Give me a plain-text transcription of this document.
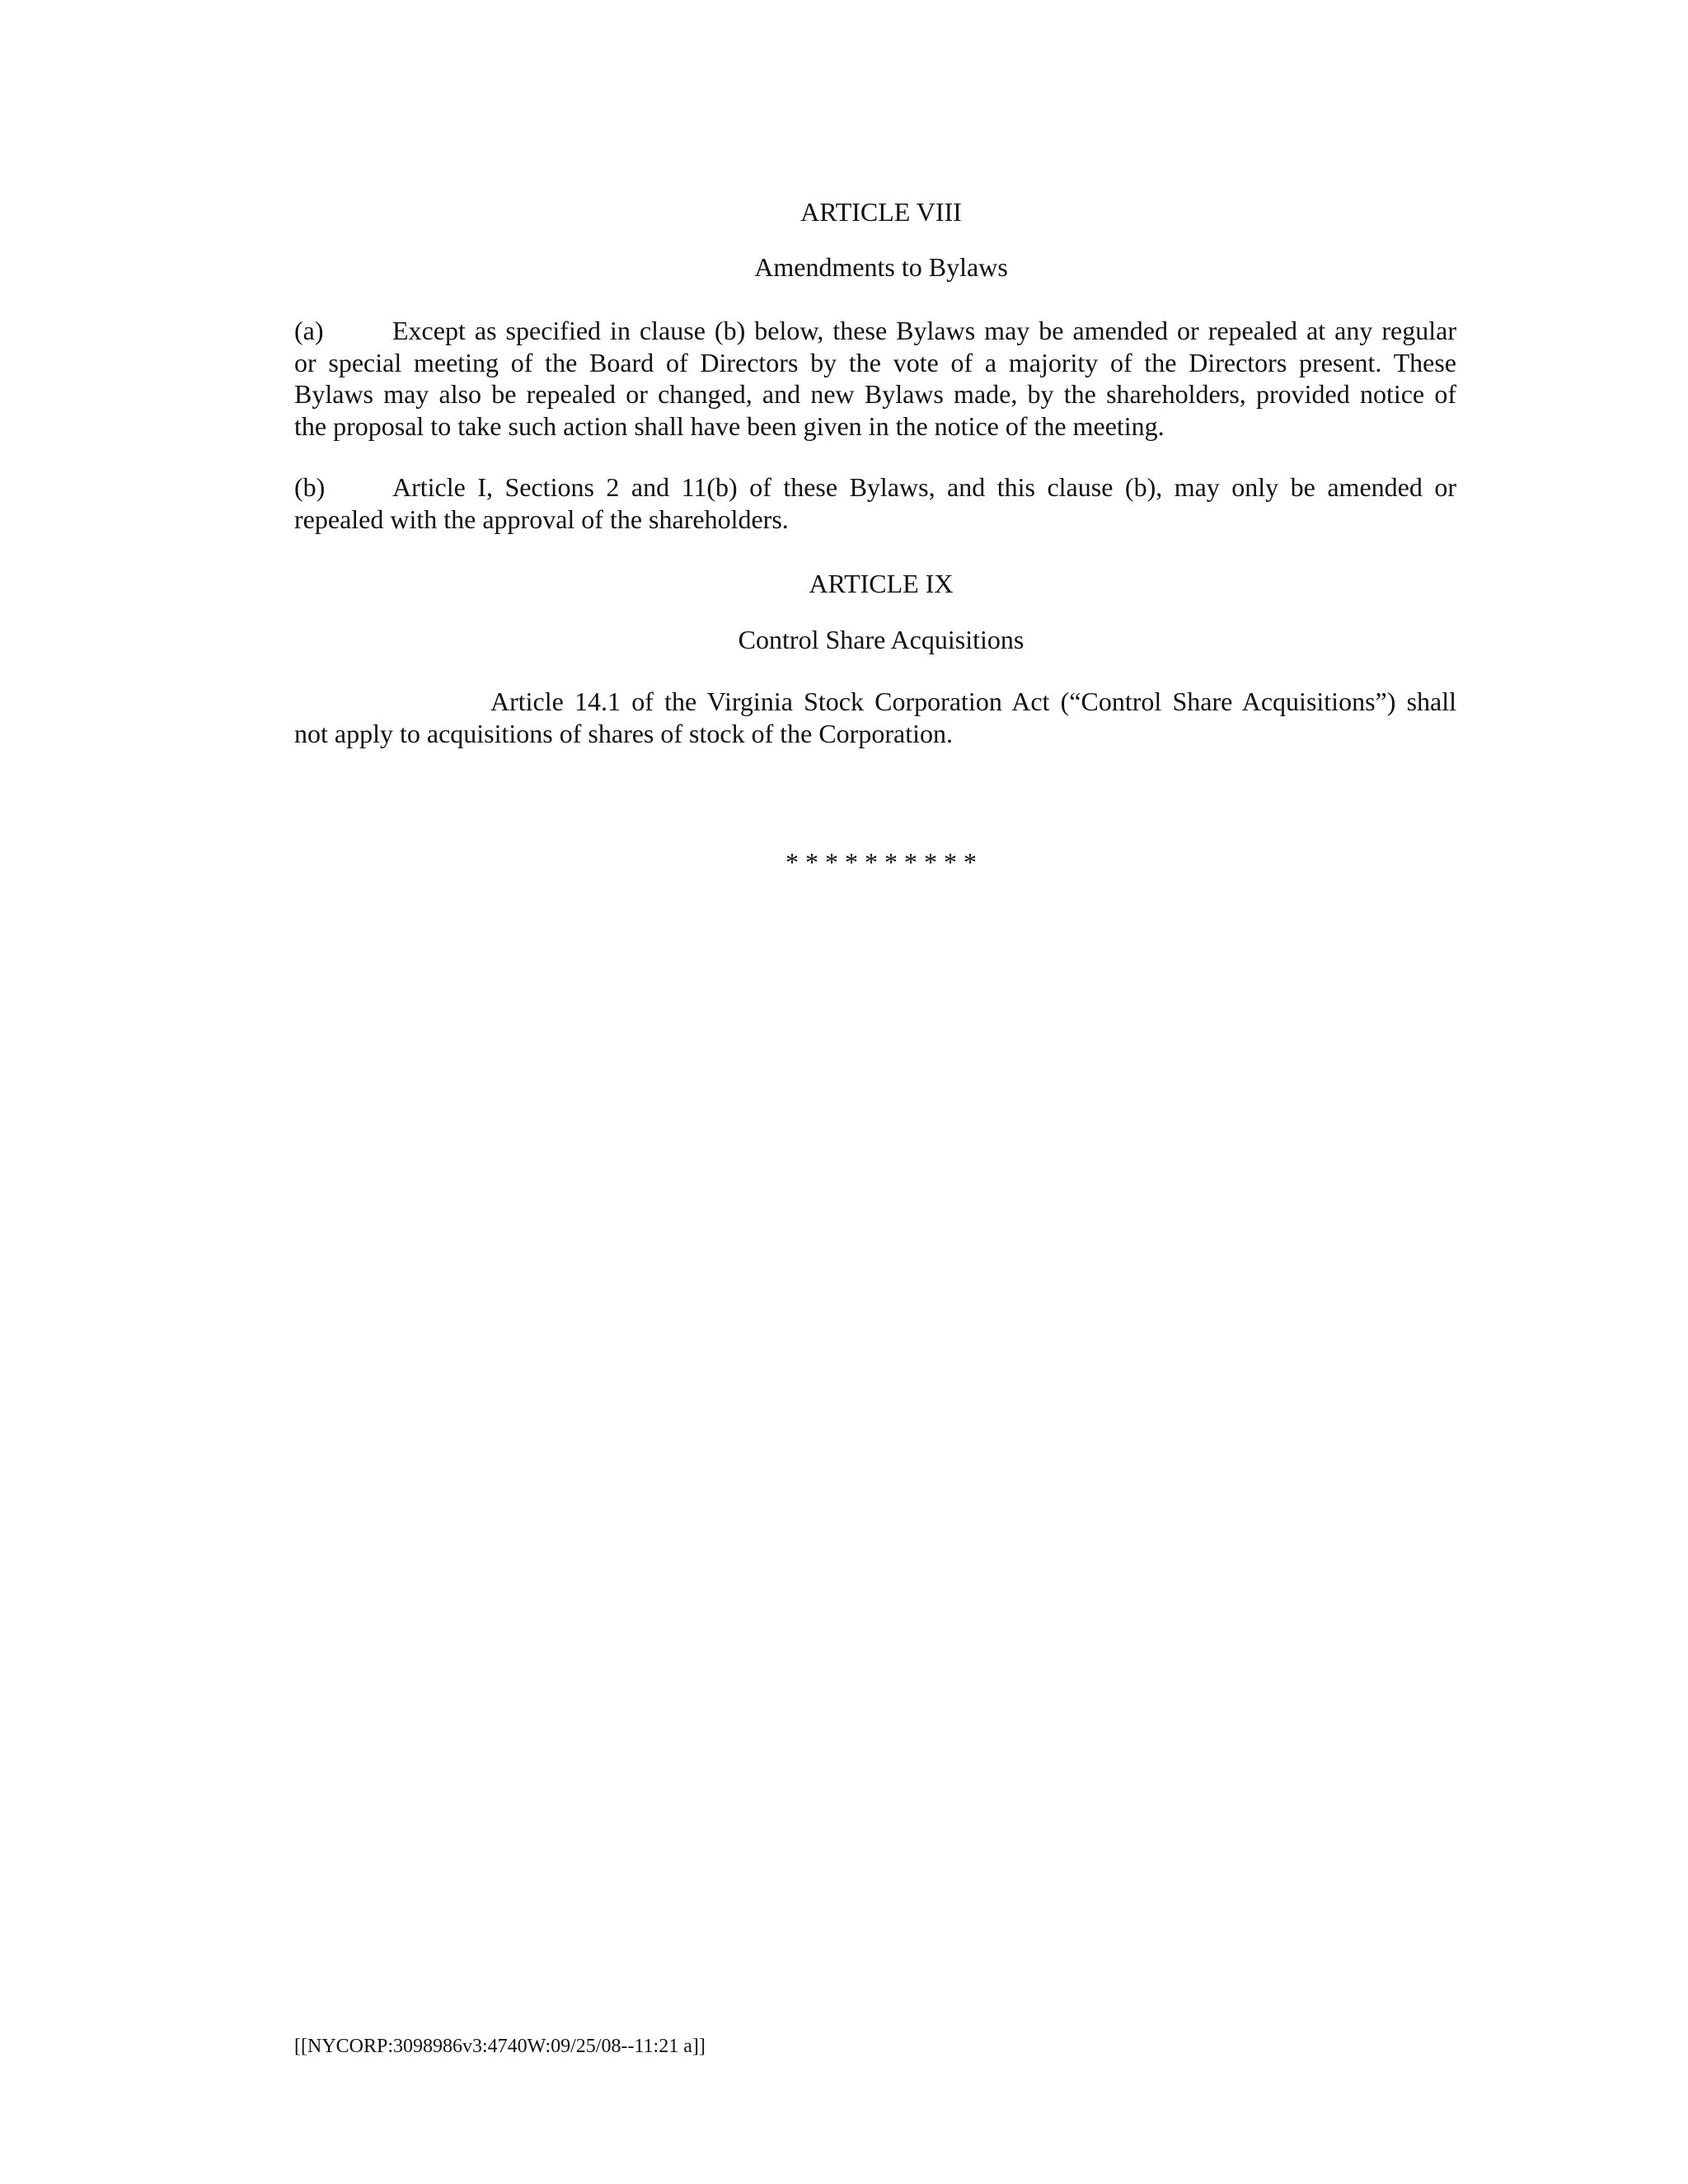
ARTICLE VIII
Amendments to Bylaws
(a)	Except as specified in clause (b) below, these Bylaws may be amended or repealed at any regular
or special meeting of the Board of Directors by the vote of a majority of the Directors present. These
Bylaws may also be repealed or changed, and new Bylaws made, by the shareholders, provided notice of
the proposal to take such action shall have been given in the notice of the meeting.
(b)	Article I, Sections 2 and 11(b) of these Bylaws, and this clause (b), may only be amended or
repealed with the approval of the shareholders.
ARTICLE IX
Control Share Acquisitions
Article 14.1 of the Virginia Stock Corporation Act (“Control Share Acquisitions”) shall
not apply to acquisitions of shares of stock of the Corporation.
* * * * * * * * * *
[[NYCORP:3098986v3:4740W:09/25/08--11:21 a]]
